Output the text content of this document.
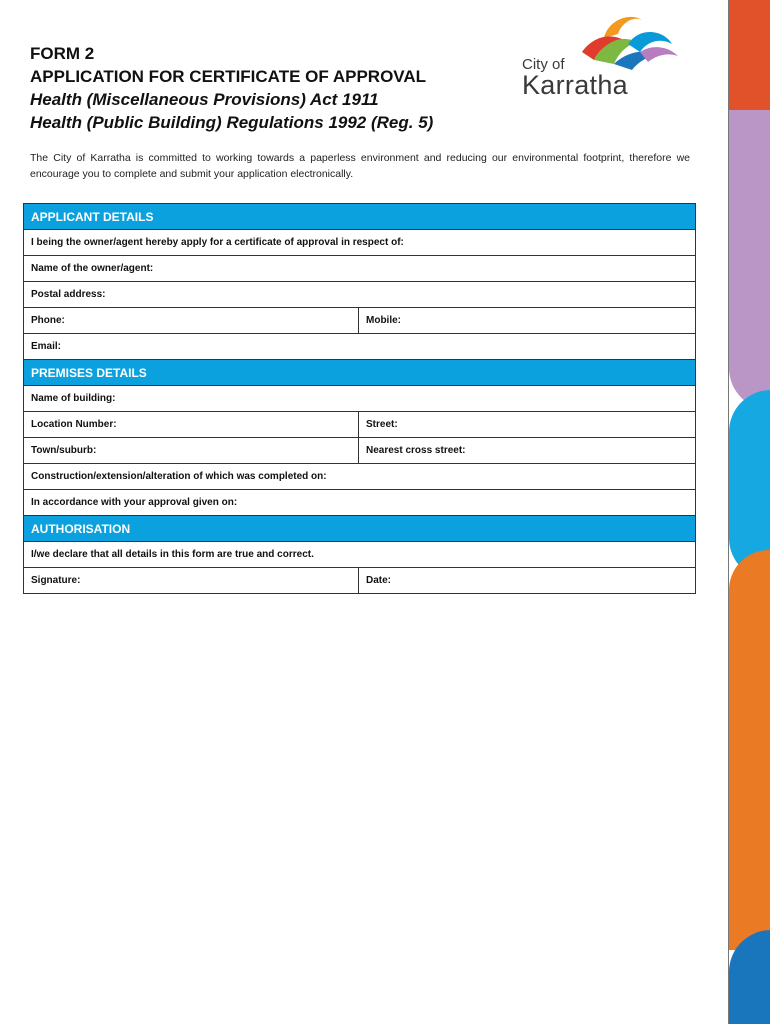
FORM 2
APPLICATION FOR CERTIFICATE OF APPROVAL
Health (Miscellaneous Provisions) Act 1911
Health (Public Building) Regulations 1992 (Reg. 5)
City of
Karratha
The City of Karratha is committed to working towards a paperless environment and reducing our environmental footprint, therefore we encourage you to complete and submit your application electronically.
APPLICANT DETAILS
I being the owner/agent hereby apply for a certificate of approval in respect of:
Name of the owner/agent:
Postal address:
Phone:	Mobile:
Email:
PREMISES DETAILS
Name of building:
Location Number:	Street:
Town/suburb:	Nearest cross street:
Construction/extension/alteration of which was completed on:
In accordance with your approval given on:
AUTHORISATION
I/we declare that all details in this form are true and correct.
Signature:	Date:
